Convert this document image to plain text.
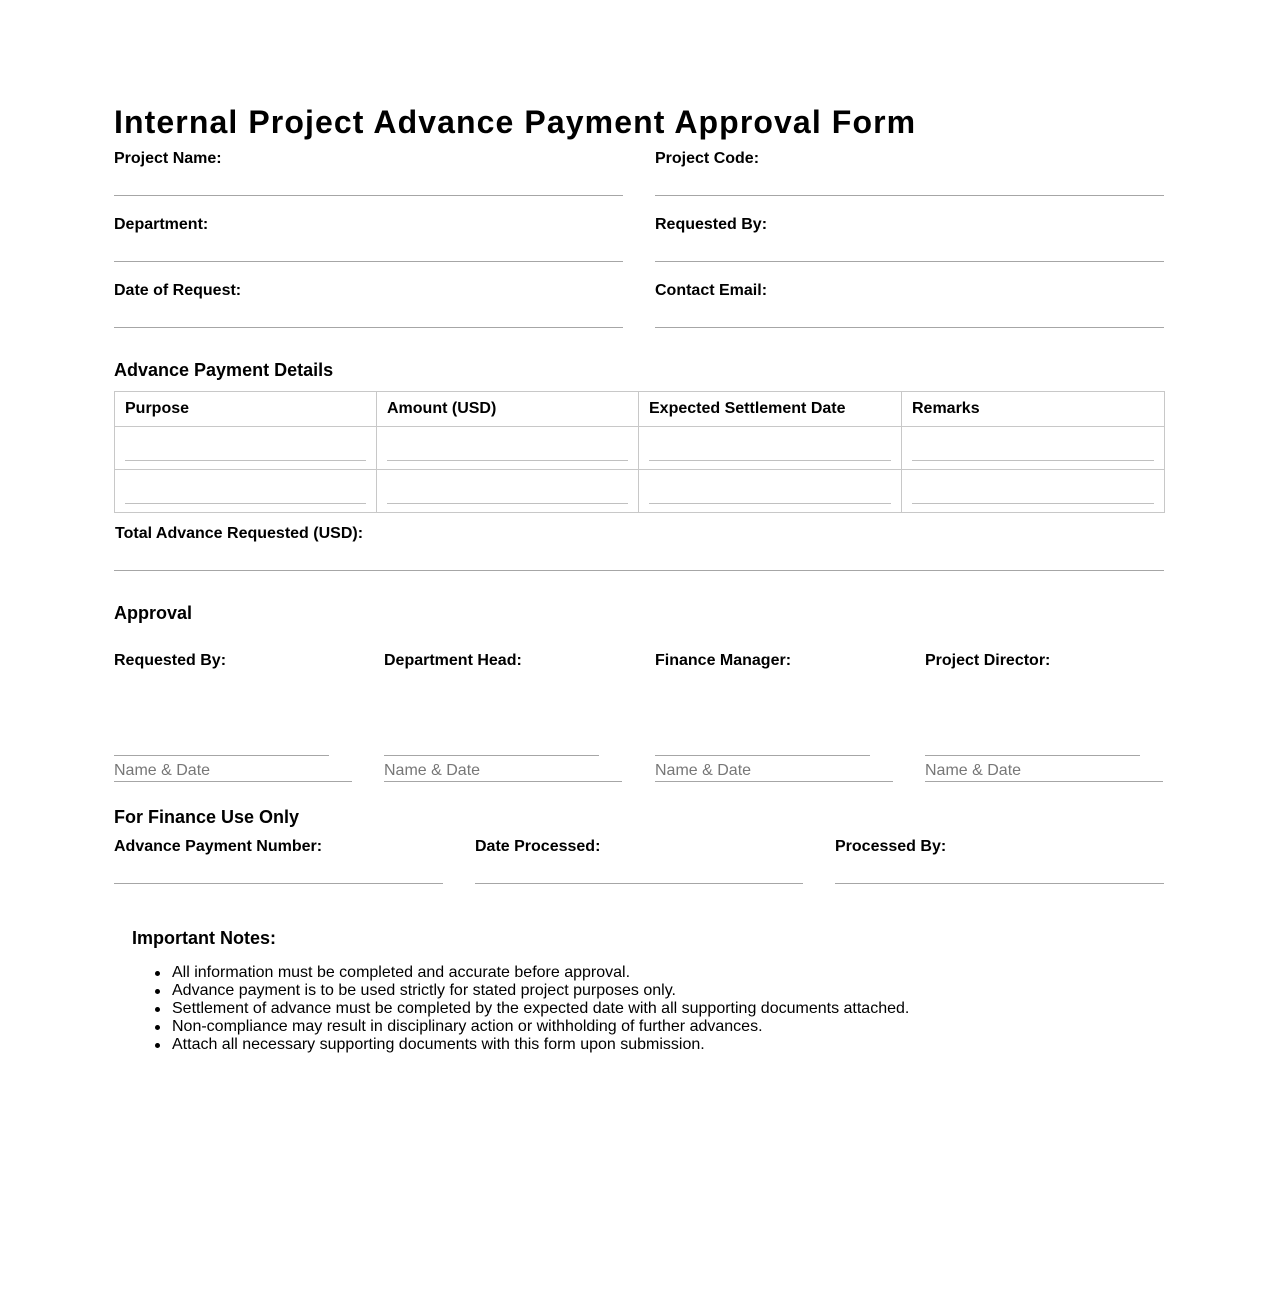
Internal Project Advance Payment Approval Form
Project Name:	Project Code:
Department:	Requested By:
Date of Request:	Contact Email:
Advance Payment Details
Purpose	Amount (USD)	Expected Settlement Date	Remarks

Total Advance Requested (USD):
Approval
Requested By:
Name & Date
Department Head:
Name & Date
Finance Manager:
Name & Date
Project Director:
Name & Date
For Finance Use Only
Advance Payment Number:	Date Processed:	Processed By:
Important Notes:
All information must be completed and accurate before approval.
Advance payment is to be used strictly for stated project purposes only.
Settlement of advance must be completed by the expected date with all supporting documents attached.
Non-compliance may result in disciplinary action or withholding of further advances.
Attach all necessary supporting documents with this form upon submission.
